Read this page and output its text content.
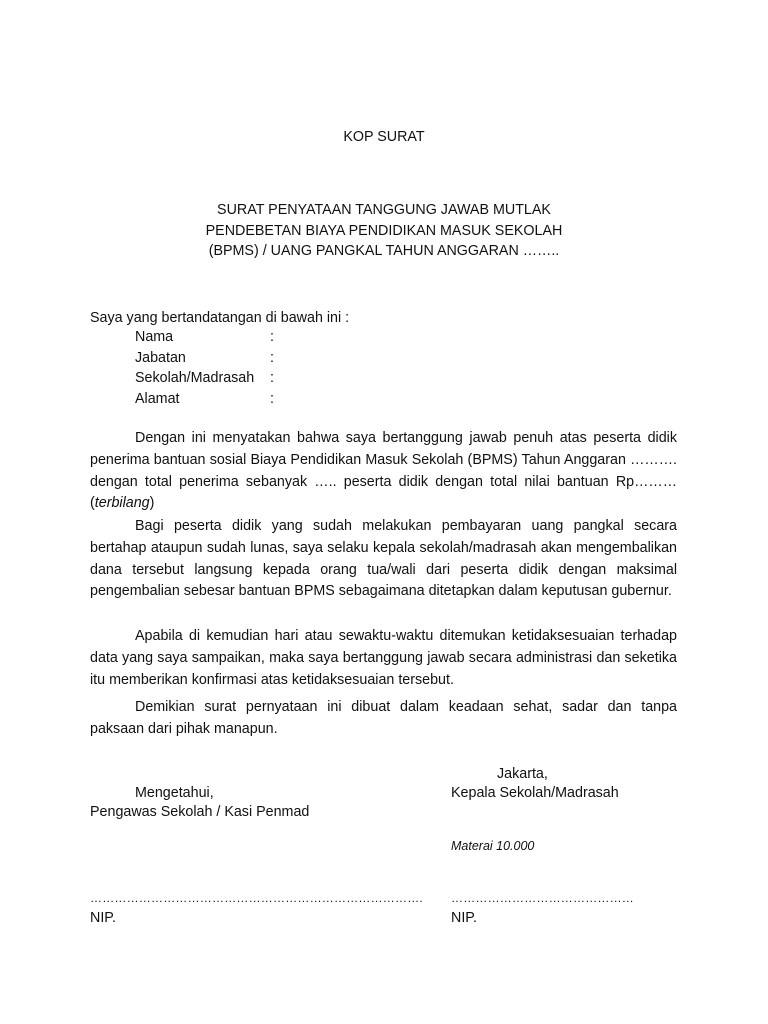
KOP SURAT
SURAT PENYATAAN TANGGUNG JAWAB MUTLAK
PENDEBETAN BIAYA PENDIDIKAN MASUK SEKOLAH
(BPMS) / UANG PANGKAL TAHUN ANGGARAN ……..
Saya yang bertandatangan di bawah ini :
Nama	:
Jabatan	:
Sekolah/Madrasah	:
Alamat	:

Dengan ini menyatakan bahwa saya bertanggung jawab penuh atas peserta didik penerima bantuan sosial Biaya Pendidikan Masuk Sekolah (BPMS) Tahun Anggaran ………. dengan total penerima sebanyak ….. peserta didik dengan total nilai bantuan Rp……… (terbilang)

Bagi peserta didik yang sudah melakukan pembayaran uang pangkal secara bertahap ataupun sudah lunas, saya selaku kepala sekolah/madrasah akan mengembalikan dana tersebut langsung kepada orang tua/wali dari peserta didik dengan maksimal pengembalian sebesar bantuan BPMS sebagaimana ditetapkan dalam keputusan gubernur.

Apabila di kemudian hari atau sewaktu-waktu ditemukan ketidaksesuaian terhadap data yang saya sampaikan, maka saya bertanggung jawab secara administrasi dan seketika itu memberikan konfirmasi atas ketidaksesuaian tersebut.

Demikian surat pernyataan ini dibuat dalam keadaan sehat, sadar dan tanpa paksaan dari pihak manapun.

Mengetahui,
Pengawas Sekolah / Kasi Penmad
……………………………………………………………………….
NIP.
Jakarta,
Kepala Sekolah/Madrasah
Materai 10.000
………………………………………
NIP.
